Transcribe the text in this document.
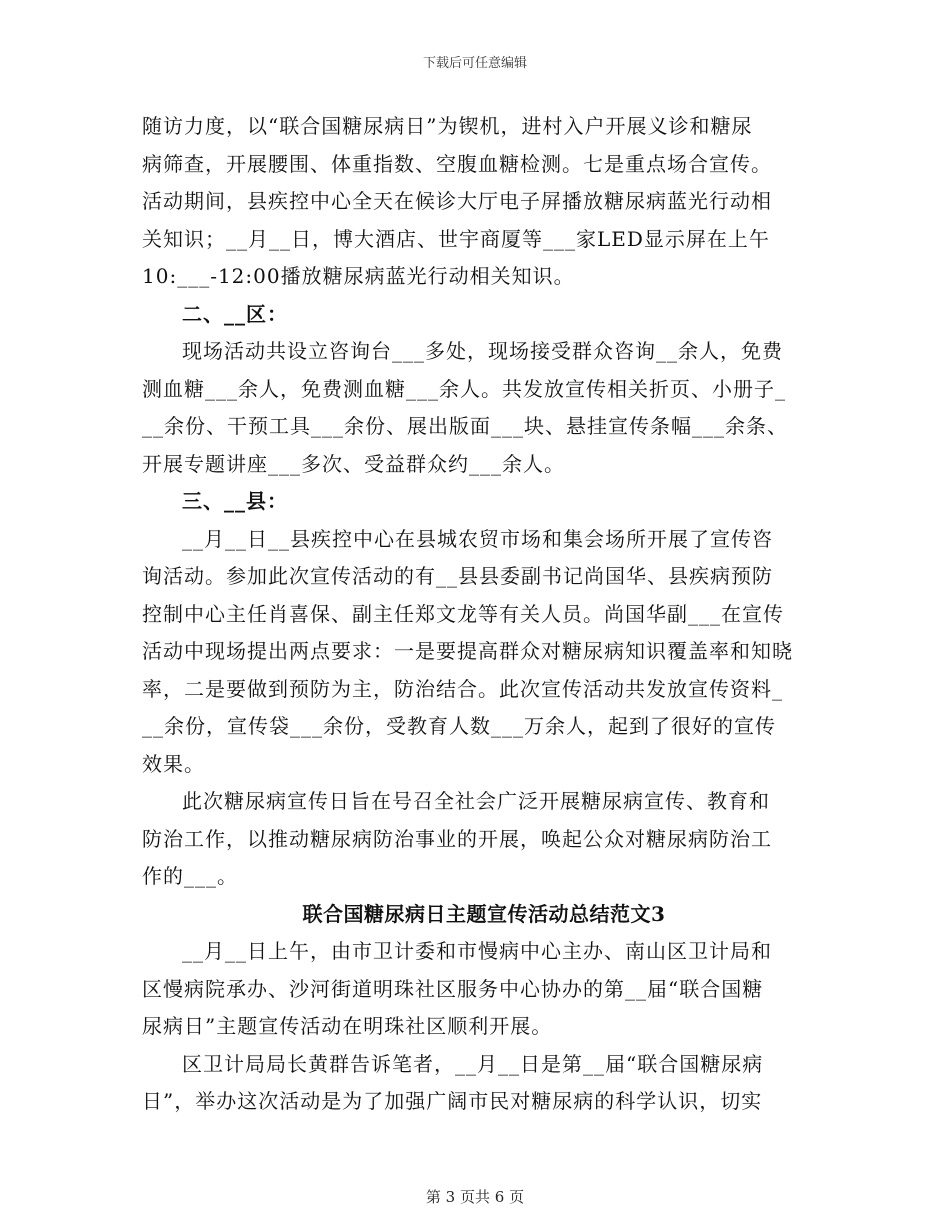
下载后可任意编辑

随访力度，以“联合国糖尿病日”为锲机，进村入户开展义诊和糖尿
病筛查，开展腰围、体重指数、空腹血糖检测。七是重点场合宣传。
活动期间，县疾控中心全天在候诊大厅电子屏播放糖尿病蓝光行动相
关知识；__月__日，博大酒店、世宇商厦等___家LED显示屏在上午
10:___-12:00播放糖尿病蓝光行动相关知识。

二、__区：

现场活动共设立咨询台___多处，现场接受群众咨询__余人，免费
测血糖___余人，免费测血糖___余人。共发放宣传相关折页、小册子_
__余份、干预工具___余份、展出版面___块、悬挂宣传条幅___余条、
开展专题讲座___多次、受益群众约___余人。

三、__县：

__月__日__县疾控中心在县城农贸市场和集会场所开展了宣传咨
询活动。参加此次宣传活动的有__县县委副书记尚国华、县疾病预防
控制中心主任肖喜保、副主任郑文龙等有关人员。尚国华副___在宣传
活动中现场提出两点要求：一是要提高群众对糖尿病知识覆盖率和知晓
率，二是要做到预防为主，防治结合。此次宣传活动共发放宣传资料_
__余份，宣传袋___余份，受教育人数___万余人，起到了很好的宣传
效果。

此次糖尿病宣传日旨在号召全社会广泛开展糖尿病宣传、教育和
防治工作，以推动糖尿病防治事业的开展，唤起公众对糖尿病防治工
作的___。

联合国糖尿病日主题宣传活动总结范文3

__月__日上午，由市卫计委和市慢病中心主办、南山区卫计局和
区慢病院承办、沙河街道明珠社区服务中心协办的第__届“联合国糖
尿病日”主题宣传活动在明珠社区顺利开展。

区卫计局局长黄群告诉笔者，__月__日是第__届“联合国糖尿病
日”，举办这次活动是为了加强广阔市民对糖尿病的科学认识，切实

第 3 页共 6 页
